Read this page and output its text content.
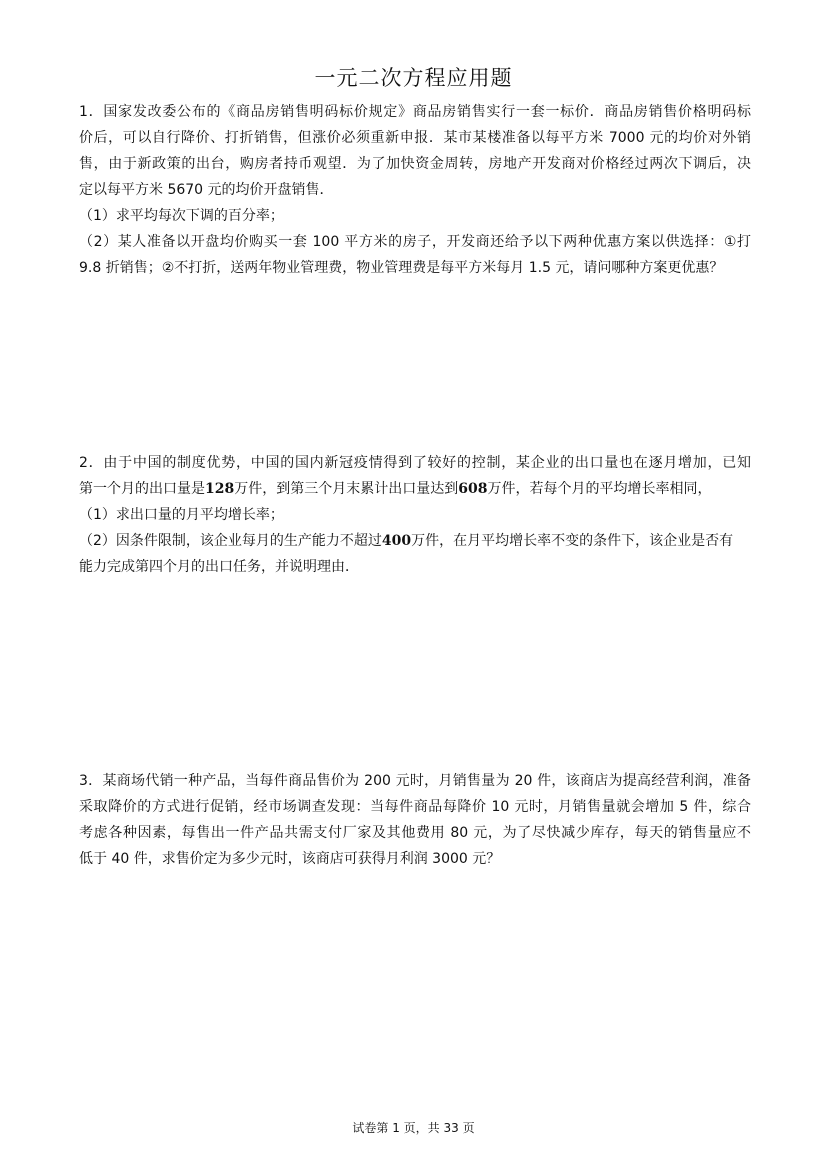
一元二次方程应用题
1．国家发改委公布的《商品房销售明码标价规定》商品房销售实行一套一标价．商品房销售价格明码标
价后，可以自行降价、打折销售，但涨价必须重新申报．某市某楼准备以每平方米 7000 元的均价对外销
售，由于新政策的出台，购房者持币观望．为了加快资金周转，房地产开发商对价格经过两次下调后，决
定以每平方米 5670 元的均价开盘销售．
（1）求平均每次下调的百分率；
（2）某人准备以开盘均价购买一套 100 平方米的房子，开发商还给予以下两种优惠方案以供选择：①打
9.8 折销售；②不打折，送两年物业管理费，物业管理费是每平方米每月 1.5 元，请问哪种方案更优惠？
2．由于中国的制度优势，中国的国内新冠疫情得到了较好的控制，某企业的出口量也在逐月增加，已知
第一个月的出口量是128万件，到第三个月末累计出口量达到608万件，若每个月的平均增长率相同，
（1）求出口量的月平均增长率；
（2）因条件限制，该企业每月的生产能力不超过400万件，在月平均增长率不变的条件下，该企业是否有
能力完成第四个月的出口任务，并说明理由．
3．某商场代销一种产品，当每件商品售价为 200 元时，月销售量为 20 件，该商店为提高经营利润，准备
采取降价的方式进行促销，经市场调查发现：当每件商品每降价 10 元时，月销售量就会增加 5 件，综合
考虑各种因素，每售出一件产品共需支付厂家及其他费用 80 元，为了尽快减少库存，每天的销售量应不
低于 40 件，求售价定为多少元时，该商店可获得月利润 3000 元？
试卷第 1 页，共 33 页
